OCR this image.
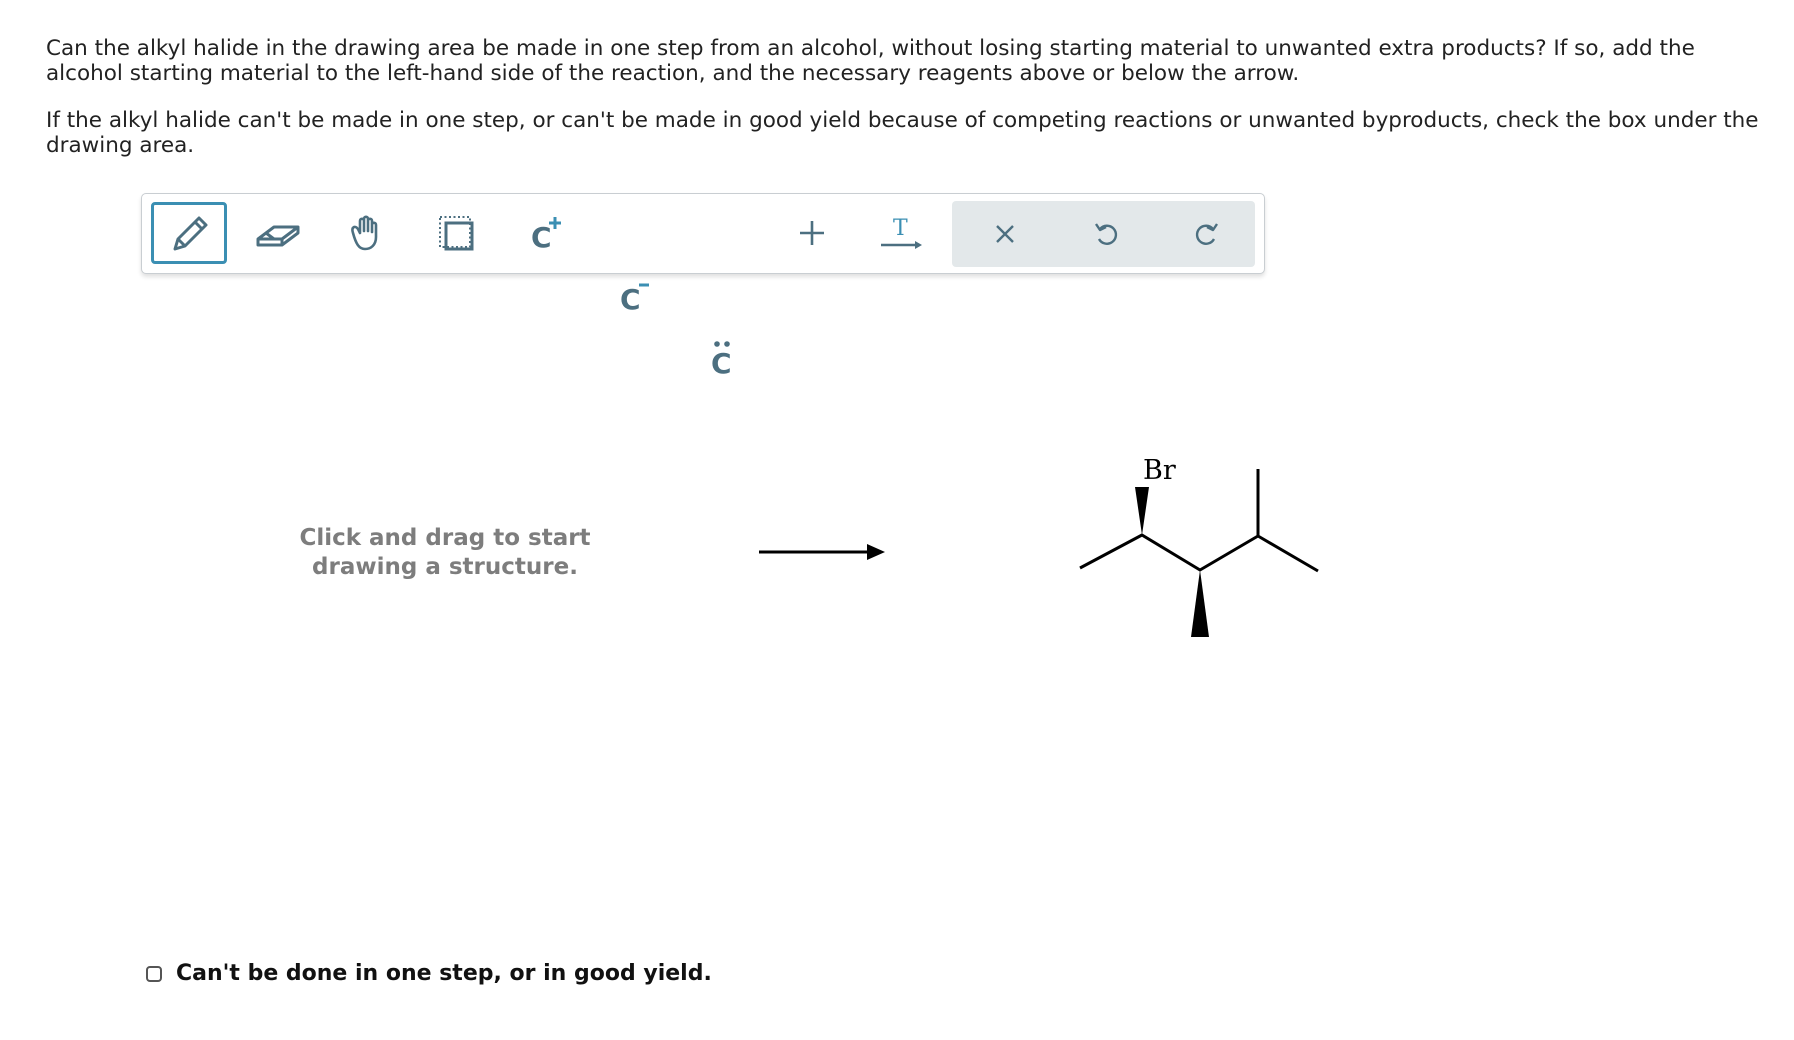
Can the alkyl halide in the drawing area be made in one step from an alcohol, without losing starting material to unwanted extra products? If so, add the alcohol starting material to the left-hand side of the reaction, and the necessary reagents above or below the arrow.

If the alkyl halide can't be made in one step, or can't be made in good yield because of competing reactions or unwanted byproducts, check the box under the drawing area.

C
C
C
T
Click and drag to start drawing a structure.
Br
Can't be done in one step, or in good yield.
